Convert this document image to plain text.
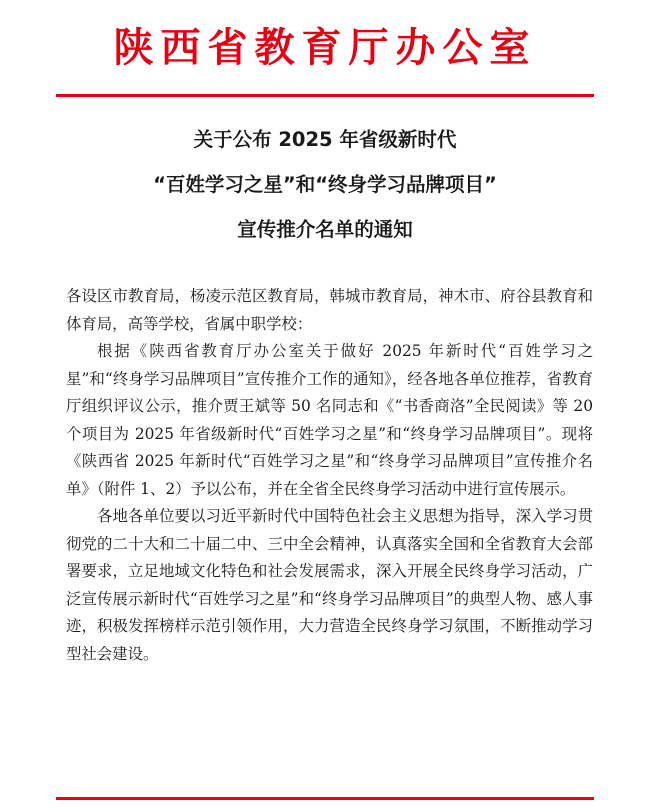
陕西省教育厅办公室
关于公布 2025 年省级新时代
“百姓学习之星”和“终身学习品牌项目”
宣传推介名单的通知

各设区市教育局，杨凌示范区教育局，韩城市教育局，神木市、府谷县教育和体育局，高等学校，省属中职学校：

根据《陕西省教育厅办公室关于做好 2025 年新时代“百姓学习之星”和“终身学习品牌项目”宣传推介工作的通知》，经各地各单位推荐，省教育厅组织评议公示，推介贾王斌等 50 名同志和《“书香商洛”全民阅读》等 20 个项目为 2025 年省级新时代“百姓学习之星”和“终身学习品牌项目”。现将《陕西省 2025 年新时代“百姓学习之星”和“终身学习品牌项目”宣传推介名单》（附件 1、2）予以公布，并在全省全民终身学习活动中进行宣传展示。

各地各单位要以习近平新时代中国特色社会主义思想为指导，深入学习贯彻党的二十大和二十届二中、三中全会精神，认真落实全国和全省教育大会部署要求，立足地域文化特色和社会发展需求，深入开展全民终身学习活动，广泛宣传展示新时代“百姓学习之星”和“终身学习品牌项目”的典型人物、感人事迹，积极发挥榜样示范引领作用，大力营造全民终身学习氛围，不断推动学习型社会建设。
